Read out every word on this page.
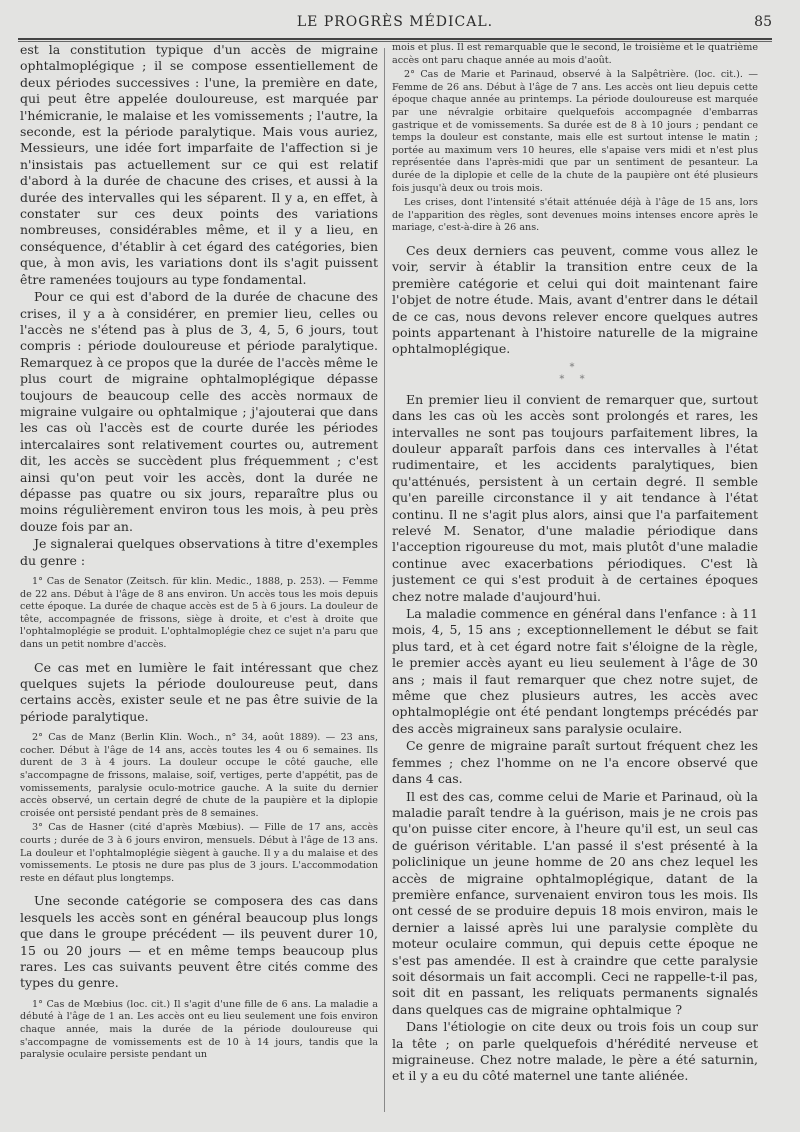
LE PROGRÈS MÉDICAL.	85

est la constitution typique d'un accès de migraine ophtalmoplégique ; il se compose essentiellement de deux périodes successives : l'une, la première en date, qui peut être appelée douloureuse, est marquée par l'hémicranie, le malaise et les vomissements ; l'autre, la seconde, est la période paralytique. Mais vous auriez, Messieurs, une idée fort imparfaite de l'affection si je n'insistais pas actuellement sur ce qui est relatif d'abord à la durée de chacune des crises, et aussi à la durée des intervalles qui les séparent. Il y a, en effet, à constater sur ces deux points des variations nombreuses, considérables même, et il y a lieu, en conséquence, d'établir à cet égard des catégories, bien que, à mon avis, les variations dont ils s'agit puissent être ramenées toujours au type fondamental.

Pour ce qui est d'abord de la durée de chacune des crises, il y a à considérer, en premier lieu, celles ou l'accès ne s'étend pas à plus de 3, 4, 5, 6 jours, tout compris : période douloureuse et période paralytique. Remarquez à ce propos que la durée de l'accès même le plus court de migraine ophtalmoplégique dépasse toujours de beaucoup celle des accès normaux de migraine vulgaire ou ophtalmique ; j'ajouterai que dans les cas où l'accès est de courte durée les périodes intercalaires sont relativement courtes ou, autrement dit, les accès se succèdent plus fréquemment ; c'est ainsi qu'on peut voir les accès, dont la durée ne dépasse pas quatre ou six jours, reparaître plus ou moins régulièrement environ tous les mois, à peu près douze fois par an.

Je signalerai quelques observations à titre d'exemples du genre :

1° Cas de Senator (Zeitsch. für klin. Medic., 1888, p. 253). — Femme de 22 ans. Début à l'âge de 8 ans environ. Un accès tous les mois depuis cette époque. La durée de chaque accès est de 5 à 6 jours. La douleur de tête, accompagnée de frissons, siège à droite, et c'est à droite que l'ophtalmoplégie se produit. L'ophtalmoplégie chez ce sujet n'a paru que dans un petit nombre d'accès.

Ce cas met en lumière le fait intéressant que chez quelques sujets la période douloureuse peut, dans certains accès, exister seule et ne pas être suivie de la période paralytique.

2° Cas de Manz (Berlin Klin. Woch., n° 34, août 1889). — 23 ans, cocher. Début à l'âge de 14 ans, accès toutes les 4 ou 6 semaines. Ils durent de 3 à 4 jours. La douleur occupe le côté gauche, elle s'accompagne de frissons, malaise, soif, vertiges, perte d'appétit, pas de vomissements, paralysie oculo-motrice gauche. A la suite du dernier accès observé, un certain degré de chute de la paupière et la diplopie croisée ont persisté pendant près de 8 semaines.

3° Cas de Hasner (cité d'après Mœbius). — Fille de 17 ans, accès courts ; durée de 3 à 6 jours environ, mensuels. Début à l'âge de 13 ans. La douleur et l'ophtalmoplégie siègent à gauche. Il y a du malaise et des vomissements. Le ptosis ne dure pas plus de 3 jours. L'accommodation reste en défaut plus longtemps.

Une seconde catégorie se composera des cas dans lesquels les accès sont en général beaucoup plus longs que dans le groupe précédent — ils peuvent durer 10, 15 ou 20 jours — et en même temps beaucoup plus rares. Les cas suivants peuvent être cités comme des types du genre.

1° Cas de Mœbius (loc. cit.) Il s'agit d'une fille de 6 ans. La maladie a débuté à l'âge de 1 an. Les accès ont eu lieu seulement une fois environ chaque année, mais la durée de la période douloureuse qui s'accompagne de vomissements est de 10 à 14 jours, tandis que la paralysie oculaire persiste pendant un

mois et plus. Il est remarquable que le second, le troisième et le quatrième accès ont paru chaque année au mois d'août.

2° Cas de Marie et Parinaud, observé à la Salpêtrière. (loc. cit.). — Femme de 26 ans. Début à l'âge de 7 ans. Les accès ont lieu depuis cette époque chaque année au printemps. La période douloureuse est marquée par une névralgie orbitaire quelquefois accompagnée d'embarras gastrique et de vomissements. Sa durée est de 8 à 10 jours ; pendant ce temps la douleur est constante, mais elle est surtout intense le matin ; portée au maximum vers 10 heures, elle s'apaise vers midi et n'est plus représentée dans l'après-midi que par un sentiment de pesanteur. La durée de la diplopie et celle de la chute de la paupière ont été plusieurs fois jusqu'à deux ou trois mois.

Les crises, dont l'intensité s'était atténuée déjà à l'âge de 15 ans, lors de l'apparition des règles, sont devenues moins intenses encore après le mariage, c'est-à-dire à 26 ans.

Ces deux derniers cas peuvent, comme vous allez le voir, servir à établir la transition entre ceux de la première catégorie et celui qui doit maintenant faire l'objet de notre étude. Mais, avant d'entrer dans le détail de ce cas, nous devons relever encore quelques autres points appartenant à l'histoire naturelle de la migraine ophtalmoplégique.

*
* *

En premier lieu il convient de remarquer que, surtout dans les cas où les accès sont prolongés et rares, les intervalles ne sont pas toujours parfaitement libres, la douleur apparaît parfois dans ces intervalles à l'état rudimentaire, et les accidents paralytiques, bien qu'atténués, persistent à un certain degré. Il semble qu'en pareille circonstance il y ait tendance à l'état continu. Il ne s'agit plus alors, ainsi que l'a parfaitement relevé M. Senator, d'une maladie périodique dans l'acception rigoureuse du mot, mais plutôt d'une maladie continue avec exacerbations périodiques. C'est là justement ce qui s'est produit à de certaines époques chez notre malade d'aujourd'hui.

La maladie commence en général dans l'enfance : à 11 mois, 4, 5, 15 ans ; exceptionnellement le début se fait plus tard, et à cet égard notre fait s'éloigne de la règle, le premier accès ayant eu lieu seulement à l'âge de 30 ans ; mais il faut remarquer que chez notre sujet, de même que chez plusieurs autres, les accès avec ophtalmoplégie ont été pendant longtemps précédés par des accès migraineux sans paralysie oculaire.

Ce genre de migraine paraît surtout fréquent chez les femmes ; chez l'homme on ne l'a encore observé que dans 4 cas.

Il est des cas, comme celui de Marie et Parinaud, où la maladie paraît tendre à la guérison, mais je ne crois pas qu'on puisse citer encore, à l'heure qu'il est, un seul cas de guérison véritable. L'an passé il s'est présenté à la policlinique un jeune homme de 20 ans chez lequel les accès de migraine ophtalmoplégique, datant de la première enfance, survenaient environ tous les mois. Ils ont cessé de se produire depuis 18 mois environ, mais le dernier a laissé après lui une paralysie complète du moteur oculaire commun, qui depuis cette époque ne s'est pas amendée. Il est à craindre que cette paralysie soit désormais un fait accompli. Ceci ne rappelle-t-il pas, soit dit en passant, les reliquats permanents signalés dans quelques cas de migraine ophtalmique ?

Dans l'étiologie on cite deux ou trois fois un coup sur la tête ; on parle quelquefois d'hérédité nerveuse et migraineuse. Chez notre malade, le père a été saturnin, et il y a eu du côté maternel une tante aliénée.
